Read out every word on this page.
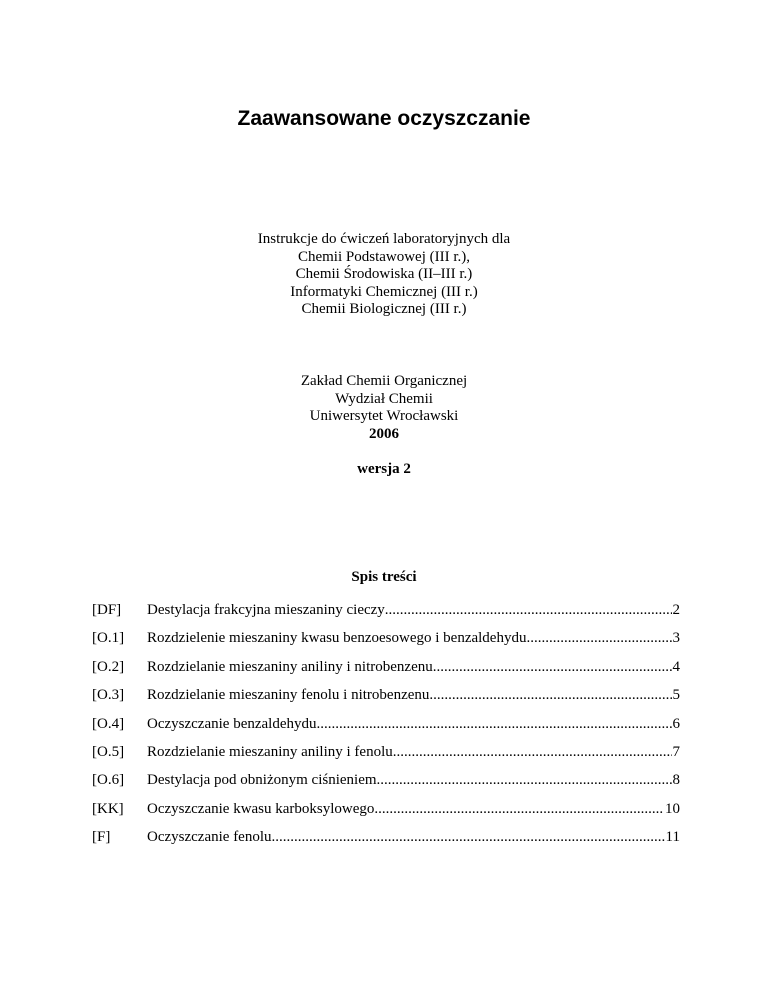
Zaawansowane oczyszczanie
Instrukcje do ćwiczeń laboratoryjnych dla
Chemii Podstawowej (III r.),
Chemii Środowiska (II–III r.)
Informatyki Chemicznej (III r.)
Chemii Biologicznej (III r.)
Zakład Chemii Organicznej
Wydział Chemii
Uniwersytet Wrocławski
2006
wersja 2
Spis treści
[DF]	Destylacja frakcyjna mieszaniny cieczy .....	2
[O.1]	Rozdzielenie mieszaniny kwasu benzoesowego i benzaldehydu .....	3
[O.2]	Rozdzielanie mieszaniny aniliny i nitrobenzenu .....	4
[O.3]	Rozdzielanie mieszaniny fenolu i nitrobenzenu .....	5
[O.4]	Oczyszczanie benzaldehydu .....	6
[O.5]	Rozdzielanie mieszaniny aniliny i fenolu .....	7
[O.6]	Destylacja pod obniżonym ciśnieniem .....	8
[KK]	Oczyszczanie kwasu karboksylowego .....	10
[F]	Oczyszczanie fenolu .....	11
